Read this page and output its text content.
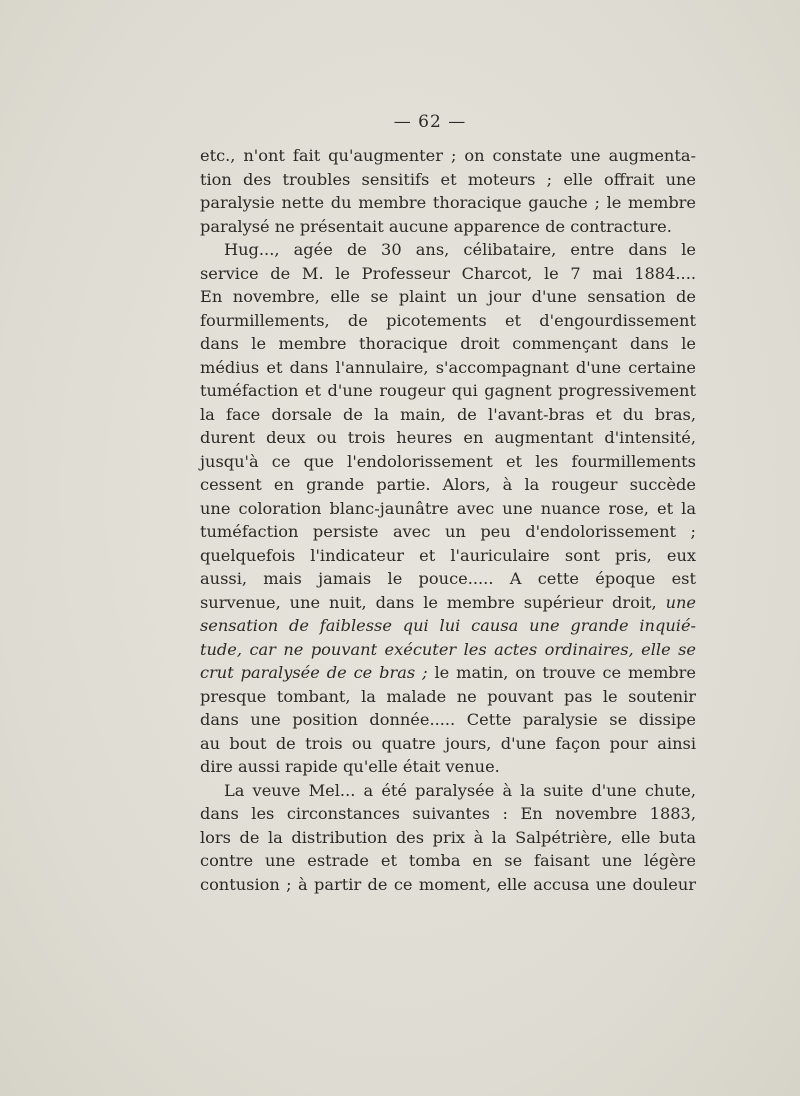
— 62 —
etc., n'ont fait qu'augmenter ; on constate une augmenta-
tion des troubles sensitifs et moteurs ; elle offrait une
paralysie nette du membre thoracique gauche ; le membre
paralysé ne présentait aucune apparence de contracture.
Hug..., agée de 30 ans, célibataire, entre dans le
service de M. le Professeur Charcot, le 7 mai 1884....
En novembre, elle se plaint un jour d'une sensation de
fourmillements, de picotements et d'engourdissement
dans le membre thoracique droit commençant dans le
médius et dans l'annulaire, s'accompagnant d'une certaine
tuméfaction et d'une rougeur qui gagnent progressivement
la face dorsale de la main, de l'avant-bras et du bras,
durent deux ou trois heures en augmentant d'intensité,
jusqu'à ce que l'endolorissement et les fourmillements
cessent en grande partie. Alors, à la rougeur succède
une coloration blanc-jaunâtre avec une nuance rose, et la
tuméfaction persiste avec un peu d'endolorissement ;
quelquefois l'indicateur et l'auriculaire sont pris, eux
aussi, mais jamais le pouce..... A cette époque est
survenue, une nuit, dans le membre supérieur droit, une
sensation de faiblesse qui lui causa une grande inquié-
tude, car ne pouvant exécuter les actes ordinaires, elle se
crut paralysée de ce bras ; le matin, on trouve ce membre
presque tombant, la malade ne pouvant pas le soutenir
dans une position donnée..... Cette paralysie se dissipe
au bout de trois ou quatre jours, d'une façon pour ainsi
dire aussi rapide qu'elle était venue.
La veuve Mel... a été paralysée à la suite d'une chute,
dans les circonstances suivantes : En novembre 1883,
lors de la distribution des prix à la Salpétrière, elle buta
contre une estrade et tomba en se faisant une légère
contusion ; à partir de ce moment, elle accusa une douleur
